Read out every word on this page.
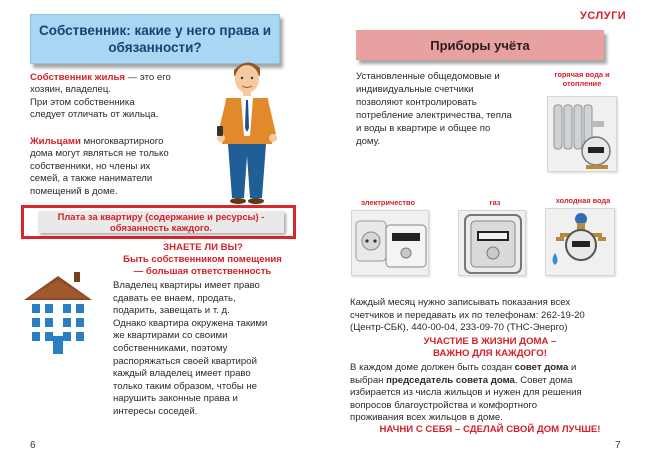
Собственник: какие у него права и обязанности?
Собственник жилья — это его
хозяин, владелец.
При этом собственника
следует отличать от жильца.
Жильцами многоквартирного
дома могут являться не только
собственники, но члены их
семей, а также наниматели
помещений в доме.
Плата за квартиру (содержание и ресурсы) -
обязанность каждого.
ЗНАЕТЕ ЛИ ВЫ?
Быть собственником помещения
— большая ответственность
Владелец квартиры имеет право
сдавать ее внаем, продать,
подарить, завещать и т. д.
Однако квартира окружена такими
же квартирами со своими
собственниками, поэтому
распоряжаться своей квартирой
каждый владелец имеет право
только таким образом, чтобы не
нарушить законные права и
интересы соседей.
6
УСЛУГИ
Приборы учёта
Установленные общедомовые и
индивидуальные счетчики
позволяют контролировать
потребление электричества, тепла
и воды в квартире и общее по
дому.
горячая вода и
отопление
электричество	газ	холодная вода
Каждый месяц нужно записывать показания всех
счетчиков и передавать их по телефонам: 262-19-20
(Центр-СБК), 440-00-04, 233-09-70 (ТНС-Энерго)
УЧАСТИЕ В ЖИЗНИ ДОМА –
ВАЖНО ДЛЯ КАЖДОГО!
В каждом доме должен быть создан совет дома и
выбран председатель совета дома. Совет дома
избирается из числа жильцов и нужен для решения
вопросов благоустройства и комфортного
проживания всех жильцов в доме.
НАЧНИ С СЕБЯ – СДЕЛАЙ СВОЙ ДОМ ЛУЧШЕ!
7
